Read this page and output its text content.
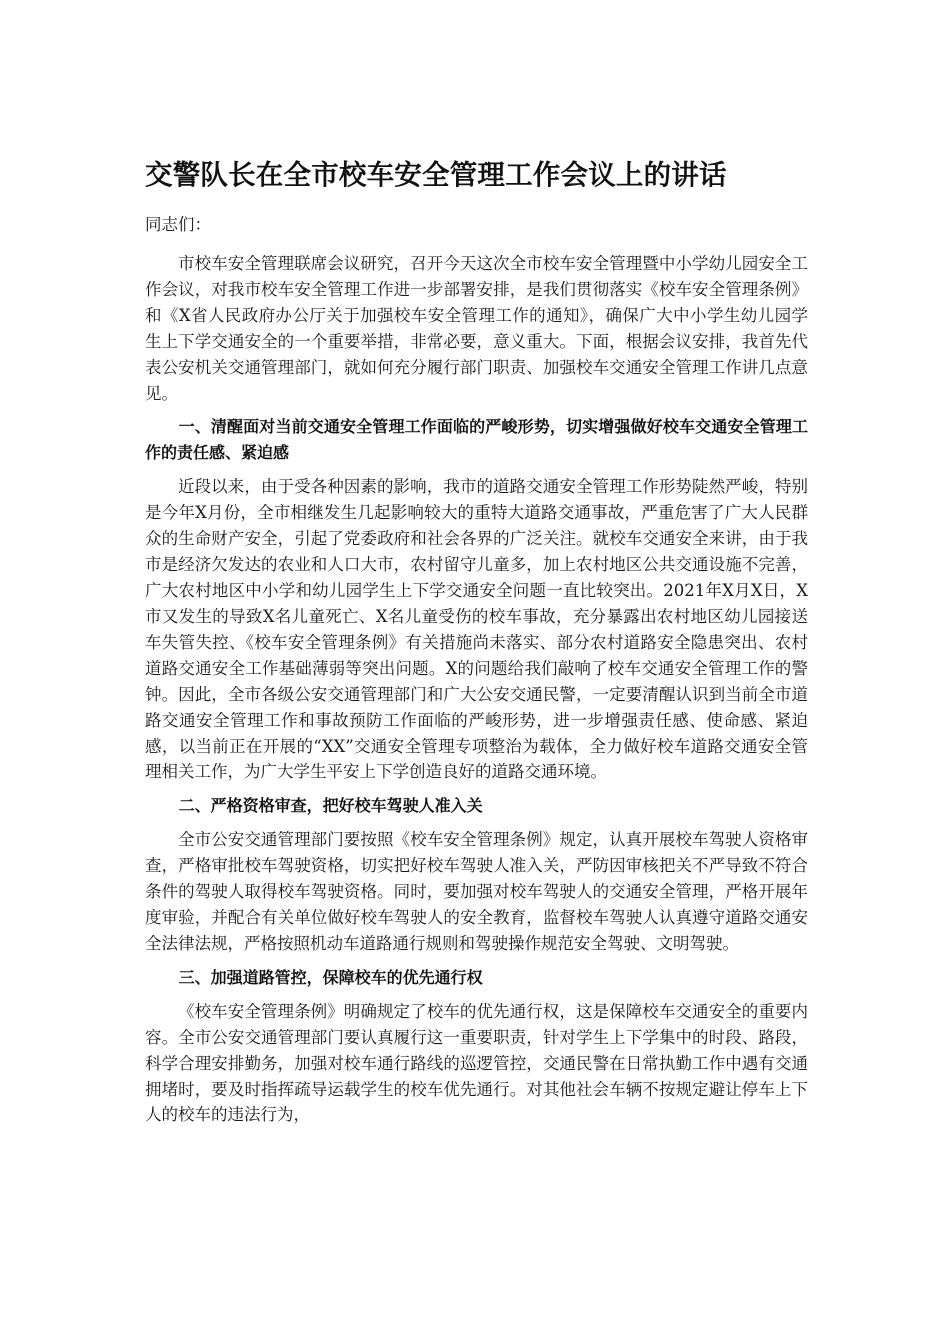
交警队长在全市校车安全管理工作会议上的讲话

同志们：

市校车安全管理联席会议研究，召开今天这次全市校车安全管理暨中小学幼儿园安全工作会议，对我市校车安全管理工作进一步部署安排，是我们贯彻落实《校车安全管理条例》和《X省人民政府办公厅关于加强校车安全管理工作的通知》，确保广大中小学生幼儿园学生上下学交通安全的一个重要举措，非常必要，意义重大。下面，根据会议安排，我首先代表公安机关交通管理部门，就如何充分履行部门职责、加强校车交通安全管理工作讲几点意见。

一、清醒面对当前交通安全管理工作面临的严峻形势，切实增强做好校车交通安全管理工作的责任感、紧迫感

近段以来，由于受各种因素的影响，我市的道路交通安全管理工作形势陡然严峻，特别是今年X月份，全市相继发生几起影响较大的重特大道路交通事故，严重危害了广大人民群众的生命财产安全，引起了党委政府和社会各界的广泛关注。就校车交通安全来讲，由于我市是经济欠发达的农业和人口大市，农村留守儿童多，加上农村地区公共交通设施不完善，广大农村地区中小学和幼儿园学生上下学交通安全问题一直比较突出。2021年X月X日，X市又发生的导致X名儿童死亡、X名儿童受伤的校车事故，充分暴露出农村地区幼儿园接送车失管失控、《校车安全管理条例》有关措施尚未落实、部分农村道路安全隐患突出、农村道路交通安全工作基础薄弱等突出问题。X的问题给我们敲响了校车交通安全管理工作的警钟。因此，全市各级公安交通管理部门和广大公安交通民警，一定要清醒认识到当前全市道路交通安全管理工作和事故预防工作面临的严峻形势，进一步增强责任感、使命感、紧迫感，以当前正在开展的“XX”交通安全管理专项整治为载体，全力做好校车道路交通安全管理相关工作，为广大学生平安上下学创造良好的道路交通环境。

二、严格资格审查，把好校车驾驶人准入关

全市公安交通管理部门要按照《校车安全管理条例》规定，认真开展校车驾驶人资格审查，严格审批校车驾驶资格，切实把好校车驾驶人准入关，严防因审核把关不严导致不符合条件的驾驶人取得校车驾驶资格。同时，要加强对校车驾驶人的交通安全管理，严格开展年度审验，并配合有关单位做好校车驾驶人的安全教育，监督校车驾驶人认真遵守道路交通安全法律法规，严格按照机动车道路通行规则和驾驶操作规范安全驾驶、文明驾驶。

三、加强道路管控，保障校车的优先通行权

《校车安全管理条例》明确规定了校车的优先通行权，这是保障校车交通安全的重要内容。全市公安交通管理部门要认真履行这一重要职责，针对学生上下学集中的时段、路段，科学合理安排勤务，加强对校车通行路线的巡逻管控，交通民警在日常执勤工作中遇有交通拥堵时，要及时指挥疏导运载学生的校车优先通行。对其他社会车辆不按规定避让停车上下人的校车的违法行为，
